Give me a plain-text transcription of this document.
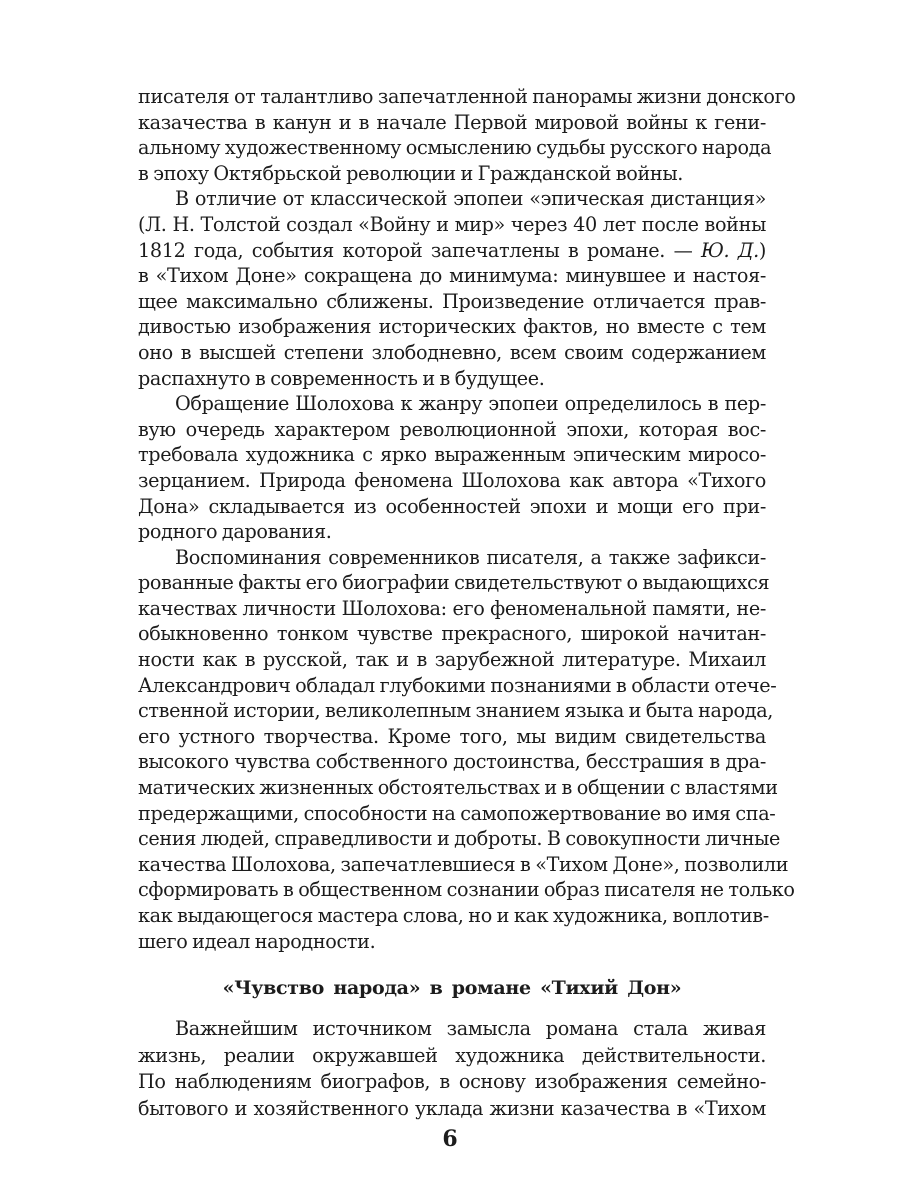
писателя от талантливо запечатленной панорамы жизни донского
казачества в канун и в начале Первой мировой войны к гени-
альному художественному осмыслению судьбы русского народа
в эпоху Октябрьской революции и Гражданской войны.
В отличие от классической эпопеи «эпическая дистанция»
(Л. Н. Толстой создал «Войну и мир» через 40 лет после войны
1812 года, события которой запечатлены в романе. — Ю. Д.)
в «Тихом Доне» сокращена до минимума: минувшее и настоя-
щее максимально сближены. Произведение отличается прав-
дивостью изображения исторических фактов, но вместе с тем
оно в высшей степени злободневно, всем своим содержанием
распахнуто в современность и в будущее.
Обращение Шолохова к жанру эпопеи определилось в пер-
вую очередь характером революционной эпохи, которая вос-
требовала художника с ярко выраженным эпическим миросо-
зерцанием. Природа феномена Шолохова как автора «Тихого
Дона» складывается из особенностей эпохи и мощи его при-
родного дарования.
Воспоминания современников писателя, а также зафикси-
рованные факты его биографии свидетельствуют о выдающихся
качествах личности Шолохова: его феноменальной памяти, не-
обыкновенно тонком чувстве прекрасного, широкой начитан-
ности как в русской, так и в зарубежной литературе. Михаил
Александрович обладал глубокими познаниями в области отече-
ственной истории, великолепным знанием языка и быта народа,
его устного творчества. Кроме того, мы видим свидетельства
высокого чувства собственного достоинства, бесстрашия в дра-
матических жизненных обстоятельствах и в общении с властями
предержащими, способности на самопожертвование во имя спа-
сения людей, справедливости и доброты. В совокупности личные
качества Шолохова, запечатлевшиеся в «Тихом Доне», позволили
сформировать в общественном сознании образ писателя не только
как выдающегося мастера слова, но и как художника, воплотив-
шего идеал народности.
«Чувство народа» в романе «Тихий Дон»
Важнейшим источником замысла романа стала живая
жизнь, реалии окружавшей художника действительности.
По наблюдениям биографов, в основу изображения семейно-
бытового и хозяйственного уклада жизни казачества в «Тихом
6
